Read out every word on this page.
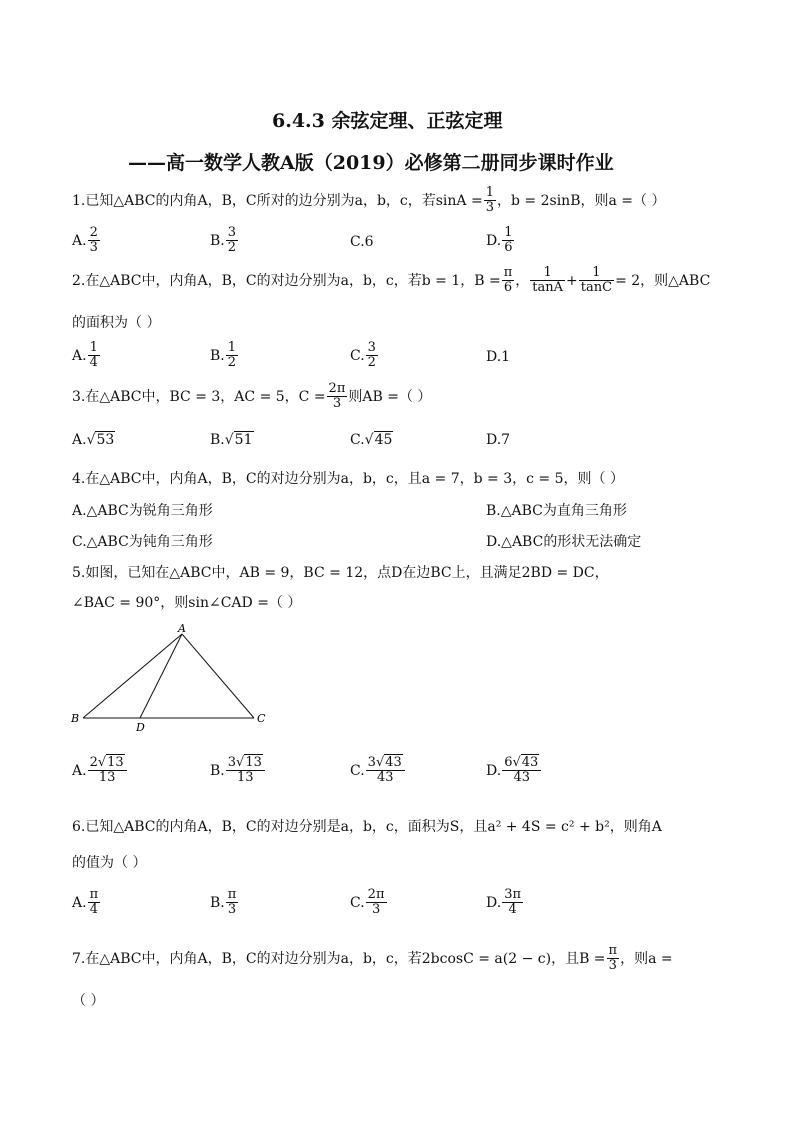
6.4.3 余弦定理、正弦定理
——高一数学人教A版（2019）必修第二册同步课时作业
1.已知△ABC的内角A，B，C所对的边分别为a，b，c，若$\sin A = \frac{1}{3}$ ，b = 2sinB，则a =（ ）
A. $\frac{2}{3}$	B. $\frac{3}{2}$	C.6	D. $\frac{1}{6}$
2.在△ABC中，内角A，B，C的对边分别为a，b，c，若b = 1，$B = \frac{\pi}{6}$ ， $\frac{1}{\tan A} + \frac{1}{\tan C} = 2$，则△ABC
的面积为（ ）
A. $\frac{1}{4}$	B. $\frac{1}{2}$	C. $\frac{3}{2}$	D.1
3.在△ABC中，BC = 3，AC = 5，$C = \frac{2\pi}{3}$ 则AB =（ ）
A.√53	B.√51	C.√45	D.7
4.在△ABC中，内角A，B，C的对边分别为a，b，c，且a = 7，b = 3，c = 5，则（ ）
A.△ABC为锐角三角形	B.△ABC为直角三角形
C.△ABC为钝角三角形	D.△ABC的形状无法确定
5.如图，已知在△ABC中，AB = 9，BC = 12，点D在边BC上，且满足2BD = DC，
∠BAC = 90°，则sin∠CAD =（ ）
A
B	C
D
A. $\frac{2√13}{13}$	B. $\frac{3√13}{13}$	C. $\frac{3√43}{43}$	D. $\frac{6√43}{43}$
6.已知△ABC的内角A，B，C的对边分别是a，b，c，面积为S，且a² + 4S = c² + b²，则角A
的值为（ ）
A. $\frac{\pi}{4}$	B. $\frac{\pi}{3}$	C. $\frac{2\pi}{3}$	D. $\frac{3\pi}{4}$
7.在△ABC中，内角A，B，C的对边分别为a，b，c，若2bcosC = a(2 − c)，且$B = \frac{\pi}{3}$ ，则a =
（ ）
